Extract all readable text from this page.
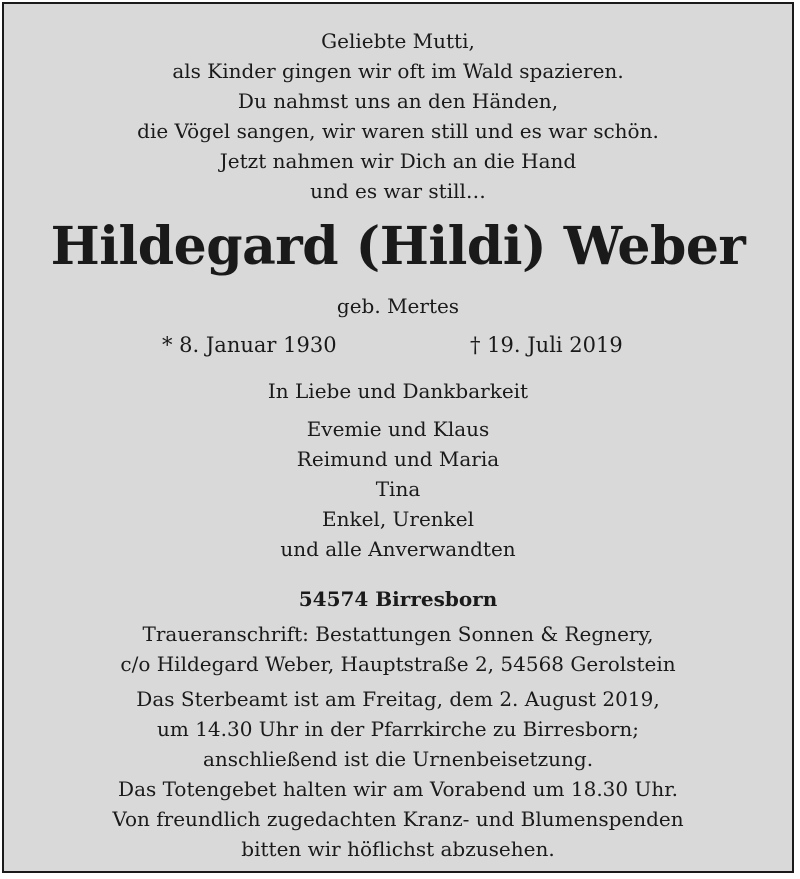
Geliebte Mutti,
als Kinder gingen wir oft im Wald spazieren.
Du nahmst uns an den Händen,
die Vögel sangen, wir waren still und es war schön.
Jetzt nahmen wir Dich an die Hand
und es war still…
Hildegard (Hildi) Weber
geb. Mertes
* 8. Januar 1930	† 19. Juli 2019
In Liebe und Dankbarkeit
Evemie und Klaus
Reimund und Maria
Tina
Enkel, Urenkel
und alle Anverwandten
54574 Birresborn
Traueranschrift: Bestattungen Sonnen & Regnery,
c/o Hildegard Weber, Hauptstraße 2, 54568 Gerolstein
Das Sterbeamt ist am Freitag, dem 2. August 2019,
um 14.30 Uhr in der Pfarrkirche zu Birresborn;
anschließend ist die Urnenbeisetzung.
Das Totengebet halten wir am Vorabend um 18.30 Uhr.
Von freundlich zugedachten Kranz- und Blumenspenden
bitten wir höflichst abzusehen.
